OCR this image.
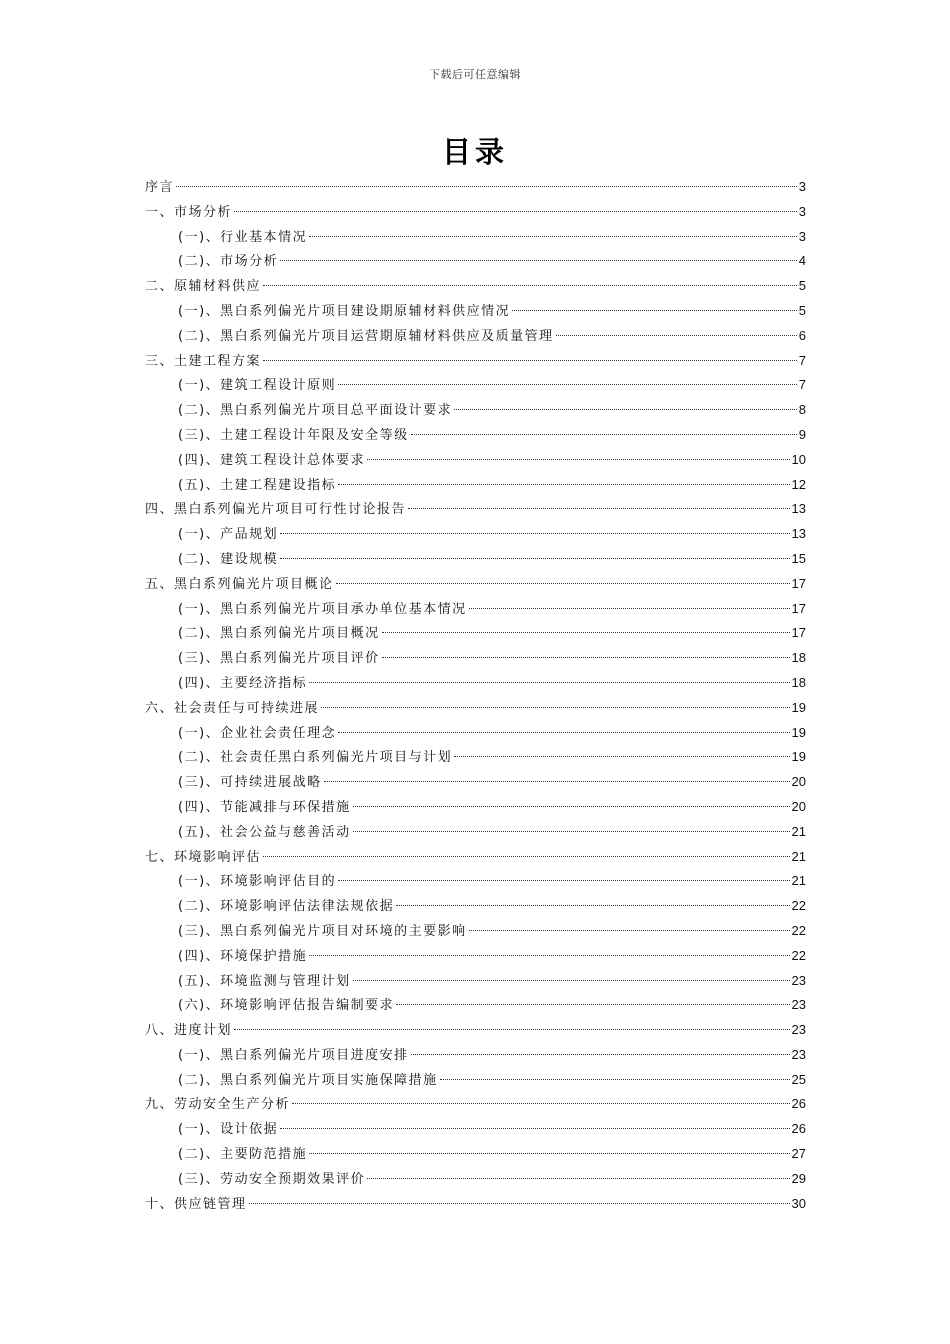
下载后可任意编辑
目录
序言	3
一、市场分析	3
(一)、行业基本情况	3
(二)、市场分析	4
二、原辅材料供应	5
(一)、黑白系列偏光片项目建设期原辅材料供应情况	5
(二)、黑白系列偏光片项目运营期原辅材料供应及质量管理	6
三、土建工程方案	7
(一)、建筑工程设计原则	7
(二)、黑白系列偏光片项目总平面设计要求	8
(三)、土建工程设计年限及安全等级	9
(四)、建筑工程设计总体要求	10
(五)、土建工程建设指标	12
四、黑白系列偏光片项目可行性讨论报告	13
(一)、产品规划	13
(二)、建设规模	15
五、黑白系列偏光片项目概论	17
(一)、黑白系列偏光片项目承办单位基本情况	17
(二)、黑白系列偏光片项目概况	17
(三)、黑白系列偏光片项目评价	18
(四)、主要经济指标	18
六、社会责任与可持续进展	19
(一)、企业社会责任理念	19
(二)、社会责任黑白系列偏光片项目与计划	19
(三)、可持续进展战略	20
(四)、节能减排与环保措施	20
(五)、社会公益与慈善活动	21
七、环境影响评估	21
(一)、环境影响评估目的	21
(二)、环境影响评估法律法规依据	22
(三)、黑白系列偏光片项目对环境的主要影响	22
(四)、环境保护措施	22
(五)、环境监测与管理计划	23
(六)、环境影响评估报告编制要求	23
八、进度计划	23
(一)、黑白系列偏光片项目进度安排	23
(二)、黑白系列偏光片项目实施保障措施	25
九、劳动安全生产分析	26
(一)、设计依据	26
(二)、主要防范措施	27
(三)、劳动安全预期效果评价	29
十、供应链管理	30
